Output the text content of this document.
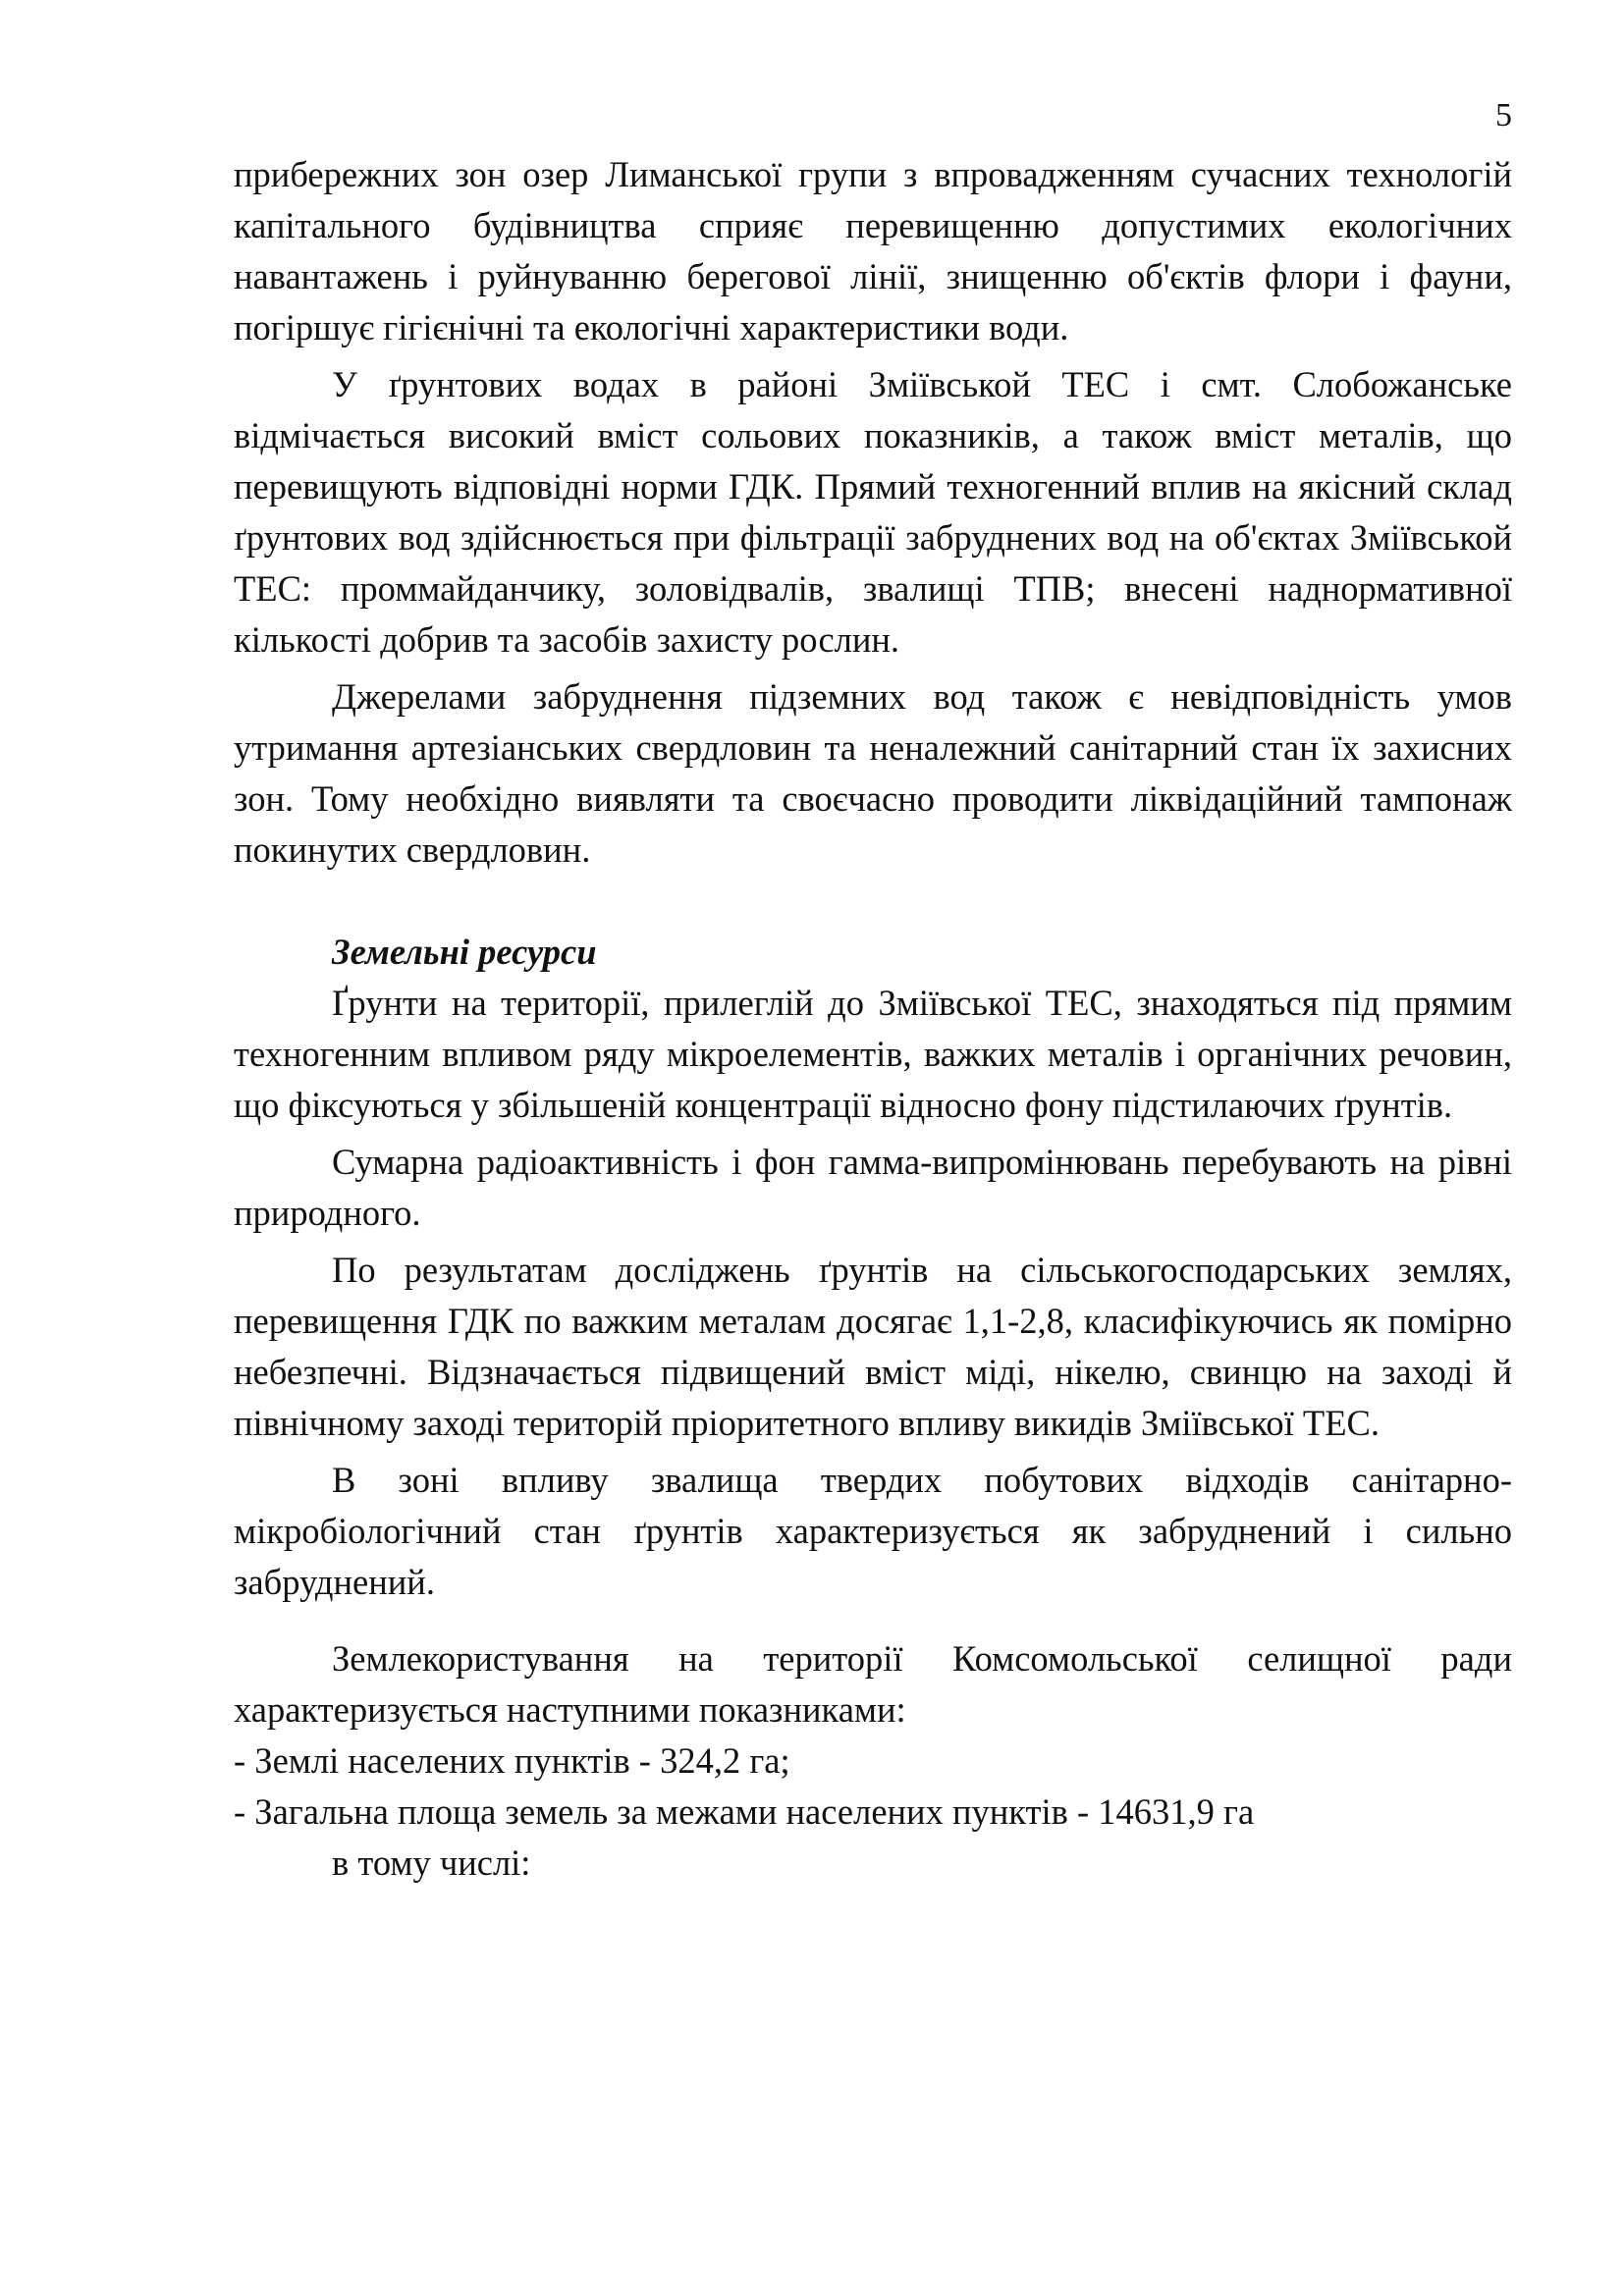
5

прибережних зон озер Лиманської групи з впровадженням сучасних технологій капітального будівництва сприяє перевищенню допустимих екологічних навантажень і руйнуванню берегової лінії, знищенню об'єктів флори і фауни, погіршує гігієнічні та екологічні характеристики води.

У ґрунтових водах в районі Зміївськой ТЕС і смт. Слобожанське відмічається високий вміст сольових показників, а також вміст металів, що перевищують відповідні норми ГДК. Прямий техногенний вплив на якісний склад ґрунтових вод здійснюється при фільтрації забруднених вод на об'єктах Зміївськой ТЕС: проммайданчику, золовідвалів, звалищі ТПВ; внесені наднормативної кількості добрив та засобів захисту рослин.

Джерелами забруднення підземних вод також є невідповідність умов утримання артезіанських свердловин та неналежний санітарний стан їх захисних зон. Тому необхідно виявляти та своєчасно проводити ліквідаційний тампонаж покинутих свердловин.

Земельні ресурси

Ґрунти на території, прилеглій до Зміївської ТЕС, знаходяться під прямим техногенним впливом ряду мікроелементів, важких металів і органічних речовин, що фіксуються у збільшеній концентрації відносно фону підстилаючих ґрунтів.

Сумарна радіоактивність і фон гамма-випромінювань перебувають на рівні природного.

По результатам досліджень ґрунтів на сільськогосподарських землях, перевищення ГДК по важким металам досягає 1,1-2,8, класифікуючись як помірно небезпечні. Відзначається підвищений вміст міді, нікелю, свинцю на заході й північному заході територій пріоритетного впливу викидів Зміївської ТЕС.

В зоні впливу звалища твердих побутових відходів санітарно-мікробіологічний стан ґрунтів характеризується як забруднений і сильно забруднений.

Землекористування на території Комсомольської селищної ради характеризується наступними показниками:

- Землі населених пунктів - 324,2 га;

- Загальна площа земель за межами населених пунктів - 14631,9 га

в тому числі:
